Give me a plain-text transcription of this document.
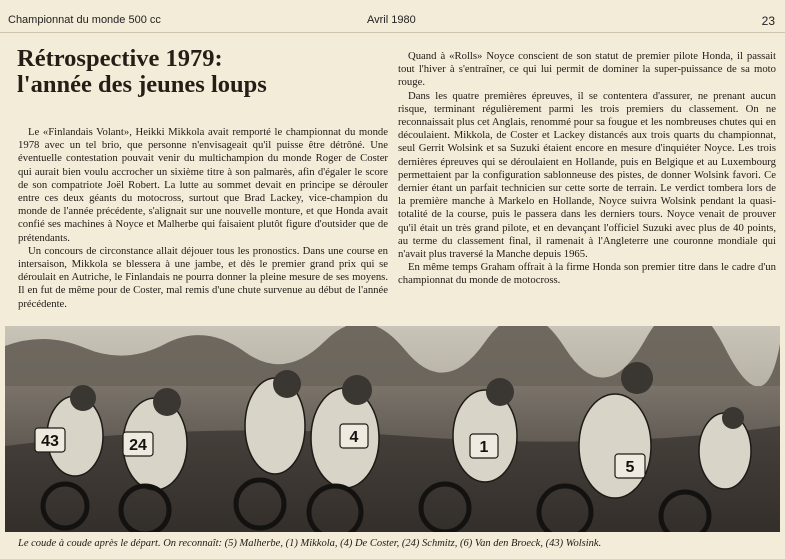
Championnat du monde 500 cc	Avril 1980	23
Rétrospective 1979:
l'année des jeunes loups

Le «Finlandais Volant», Heikki Mikkola avait remporté le championnat du monde 1978 avec un tel brio, que personne n'envisageait qu'il puisse être détrôné. Une éventuelle contestation pouvait venir du multichampion du monde Roger de Coster qui aurait bien voulu accrocher un sixième titre à son palmarès, afin d'égaler le score de son compatriote Joël Robert. La lutte au sommet devait en principe se dérouler entre ces deux géants du motocross, surtout que Brad Lackey, vice-champion du monde de l'année précédente, s'alignait sur une nouvelle monture, et que Honda avait confié ses machines à Noyce et Malherbe qui faisaient plutôt figure d'outsider que de prétendants.

Un concours de circonstance allait déjouer tous les pronostics. Dans une course en intersaison, Mikkola se blessera à une jambe, et dès le premier grand prix qui se déroulait en Autriche, le Finlandais ne pourra donner la pleine mesure de ses moyens. Il en fut de même pour de Coster, mal remis d'une chute survenue au début de l'année précédente.

Quand à «Rolls» Noyce conscient de son statut de premier pilote Honda, il passait tout l'hiver à s'entraîner, ce qui lui permit de dominer la super-puissance de sa moto rouge.

Dans les quatre premières épreuves, il se contentera d'assurer, ne prenant aucun risque, terminant régulièrement parmi les trois premiers du classement. On ne reconnaissait plus cet Anglais, renommé pour sa fougue et les nombreuses chutes qui en découlaient. Mikkola, de Coster et Lackey distancés aux trois quarts du championnat, seul Gerrit Wolsink et sa Suzuki étaient encore en mesure d'inquiéter Noyce. Les trois dernières épreuves qui se déroulaient en Hollande, puis en Belgique et au Luxembourg permettaient par la configuration sablonneuse des pistes, de donner Wolsink favori. Ce dernier étant un parfait technicien sur cette sorte de terrain. Le verdict tombera lors de la première manche à Markelo en Hollande, Noyce suivra Wolsink pendant la quasi-totalité de la course, puis le passera dans les derniers tours. Noyce venait de prouver qu'il était un très grand pilote, et en devançant l'officiel Suzuki avec plus de 40 points, au terme du classement final, il ramenait à l'Angleterre une couronne mondiale qui n'avait plus traversé la Manche depuis 1965.

En même temps Graham offrait à la firme Honda son premier titre dans le cadre d'un championnat du monde de motocross.

43	24	4
1
5
Le coude à coude après le départ. On reconnaît: (5) Malherbe, (1) Mikkola, (4) De Coster, (24) Schmitz, (6) Van den Broeck, (43) Wolsink.
